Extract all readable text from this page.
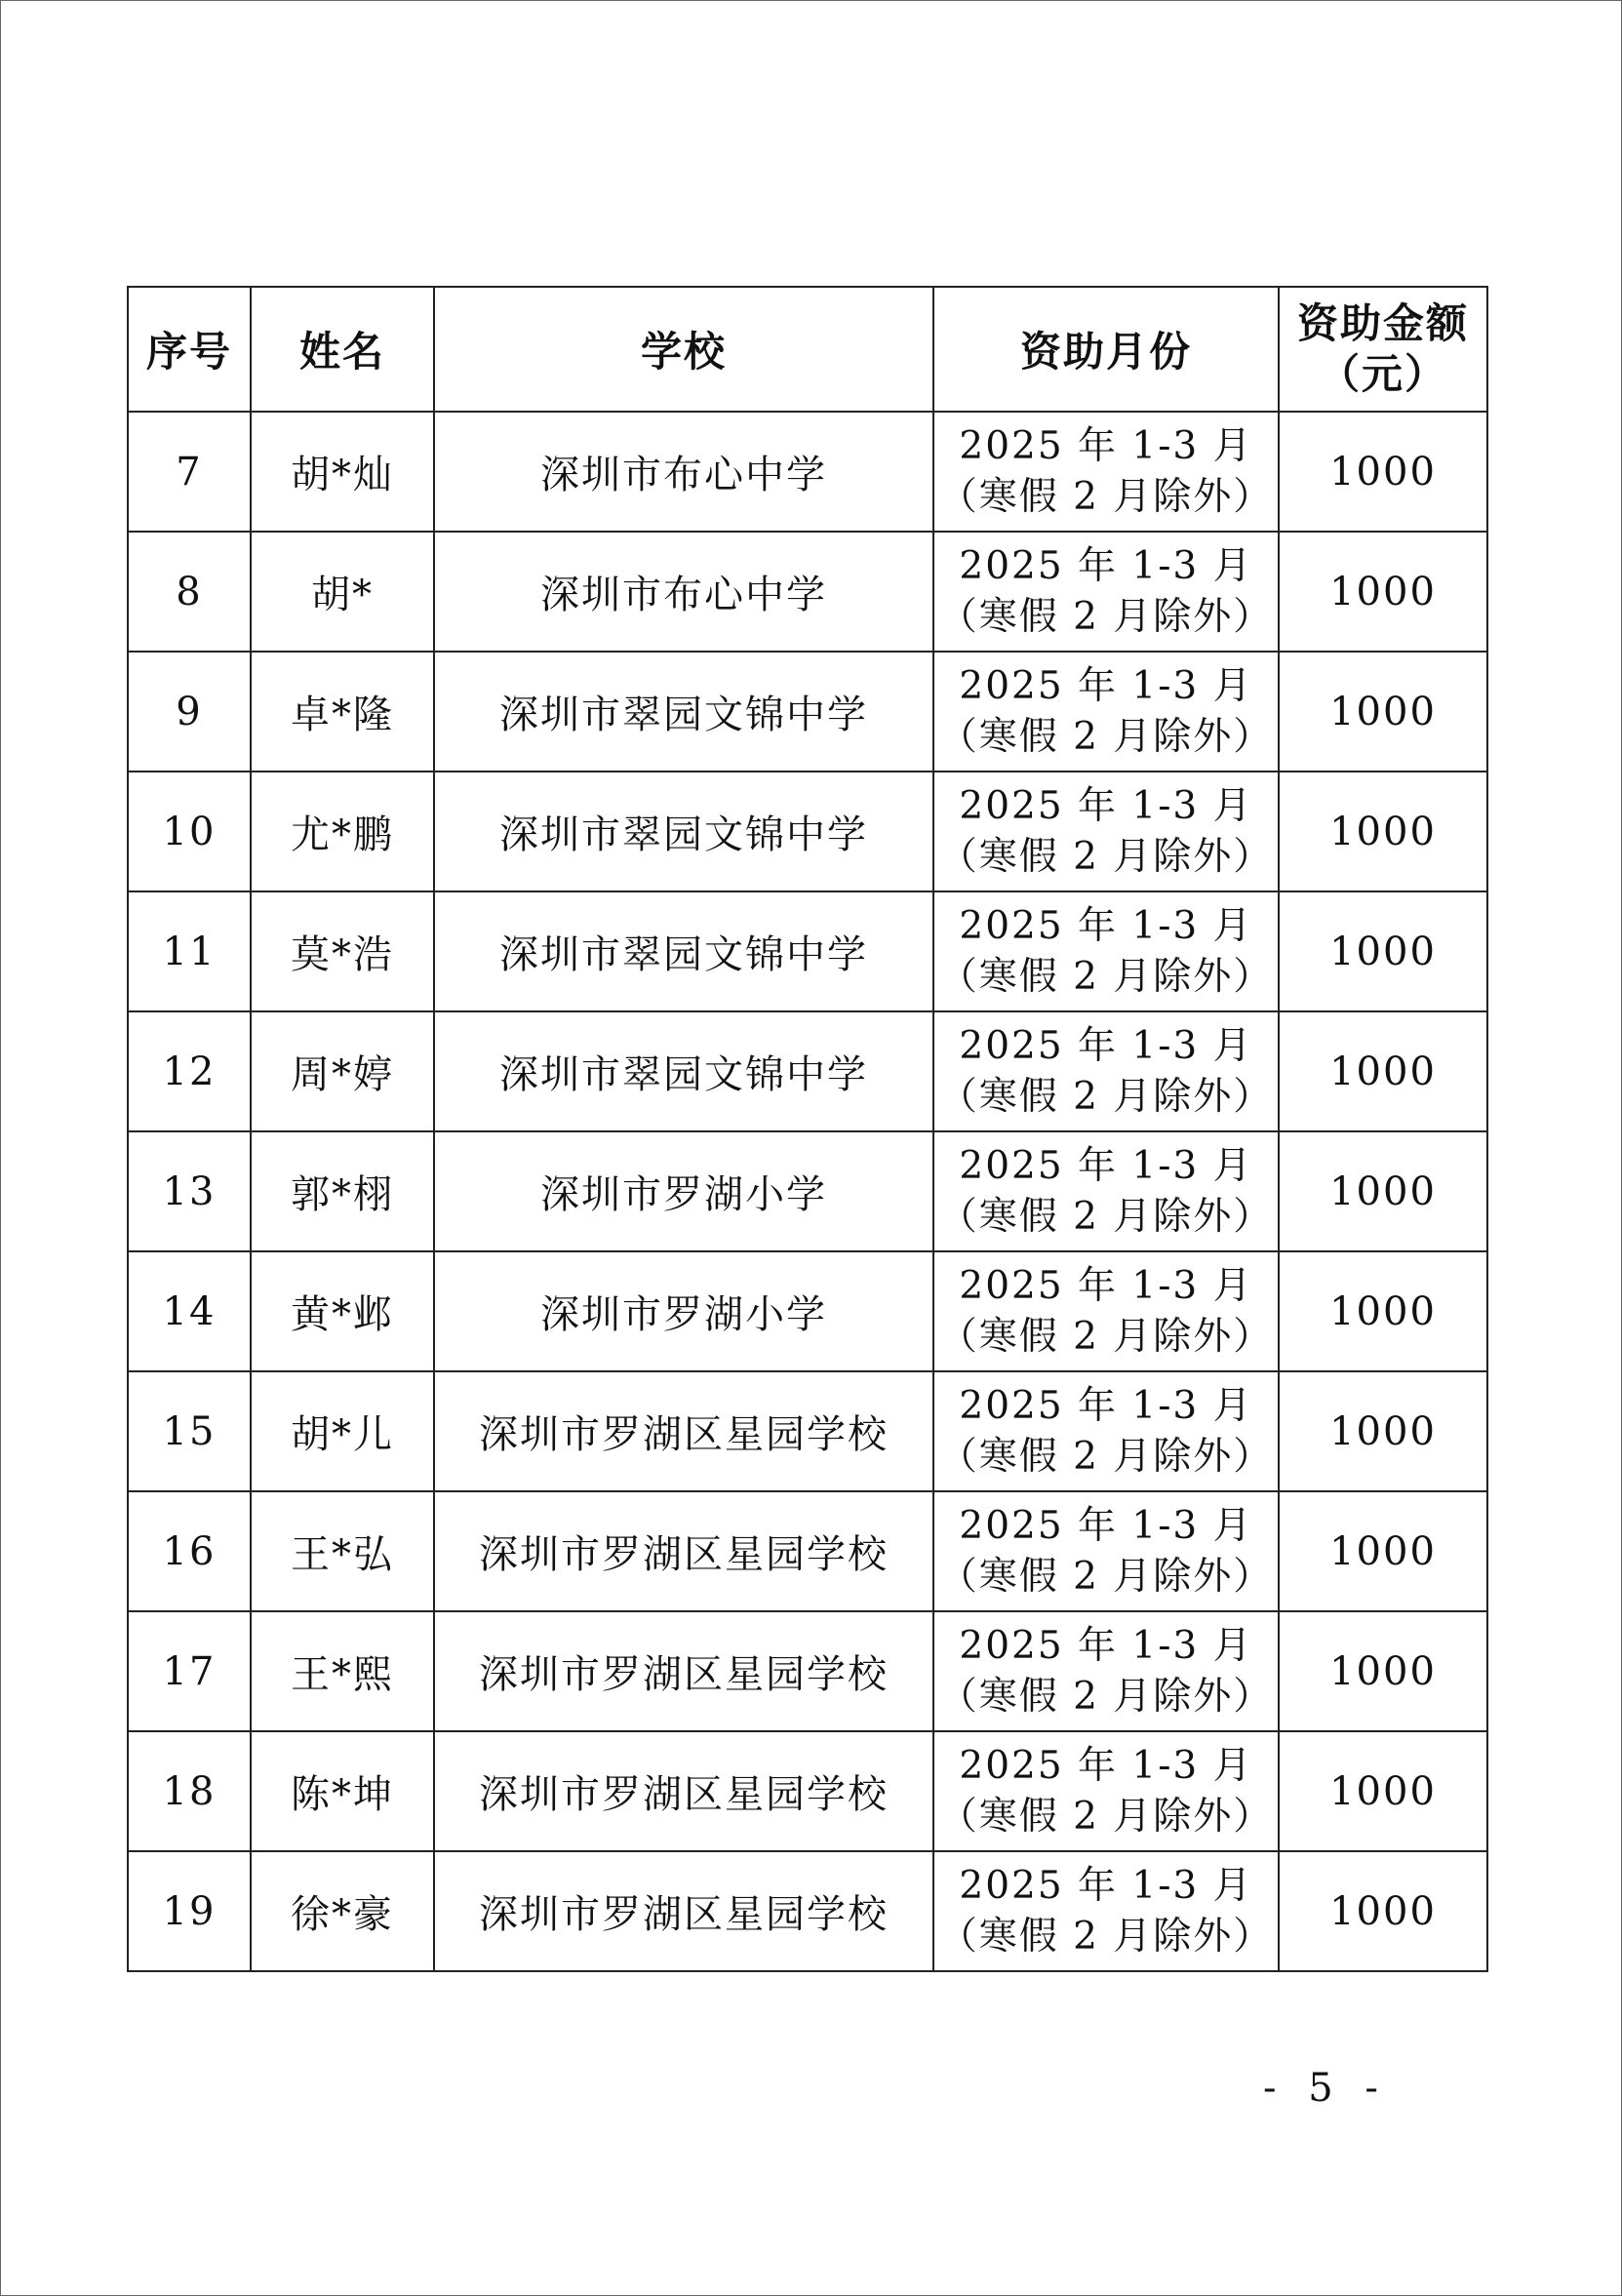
序号	姓名	学校	资助月份	资助金额
（元）

7	胡*灿	深圳市布心中学	2025 年 1-3 月
（寒假 2 月除外）	1000
8	胡*	深圳市布心中学	2025 年 1-3 月
（寒假 2 月除外）	1000
9	卓*隆	深圳市翠园文锦中学	2025 年 1-3 月
（寒假 2 月除外）	1000
10	尤*鹏	深圳市翠园文锦中学	2025 年 1-3 月
（寒假 2 月除外）	1000
11	莫*浩	深圳市翠园文锦中学	2025 年 1-3 月
（寒假 2 月除外）	1000
12	周*婷	深圳市翠园文锦中学	2025 年 1-3 月
（寒假 2 月除外）	1000
13	郭*栩	深圳市罗湖小学	2025 年 1-3 月
（寒假 2 月除外）	1000
14	黄*邺	深圳市罗湖小学	2025 年 1-3 月
（寒假 2 月除外）	1000
15	胡*儿	深圳市罗湖区星园学校	2025 年 1-3 月
（寒假 2 月除外）	1000
16	王*弘	深圳市罗湖区星园学校	2025 年 1-3 月
（寒假 2 月除外）	1000
17	王*熙	深圳市罗湖区星园学校	2025 年 1-3 月
（寒假 2 月除外）	1000
18	陈*坤	深圳市罗湖区星园学校	2025 年 1-3 月
（寒假 2 月除外）	1000
19	徐*豪	深圳市罗湖区星园学校	2025 年 1-3 月
（寒假 2 月除外）	1000
- 5 -
